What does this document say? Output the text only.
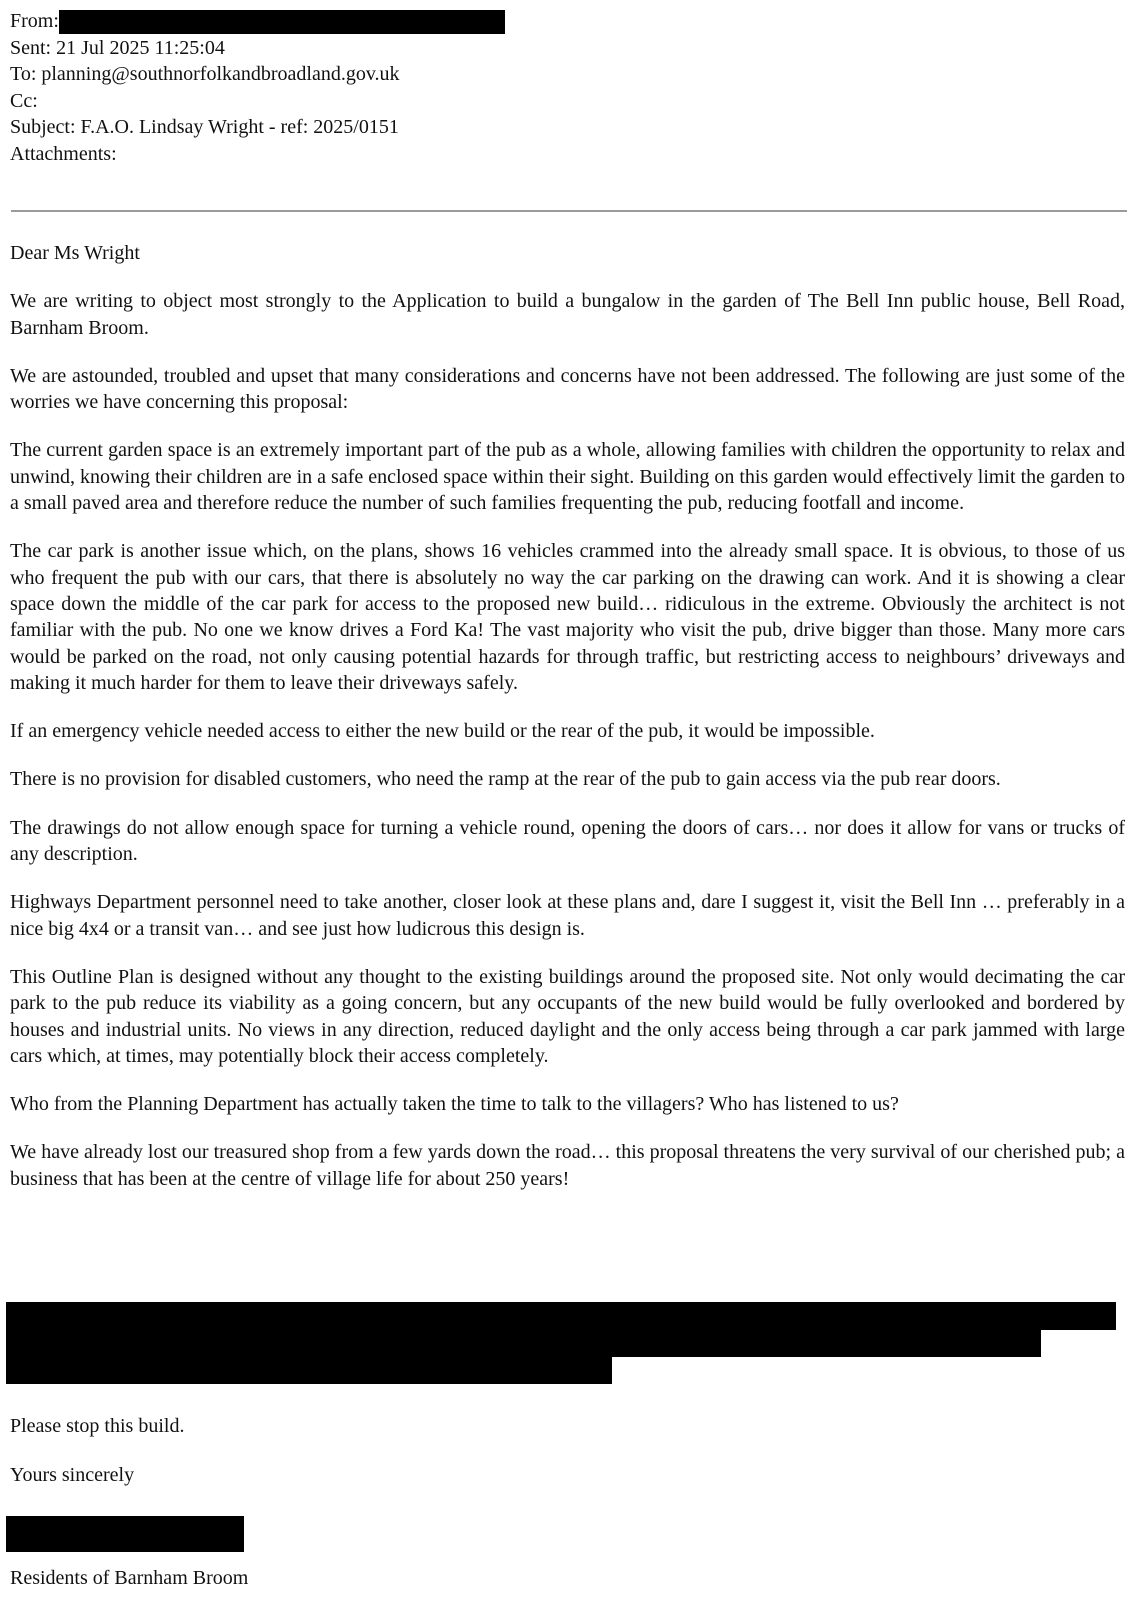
From:
Sent: 21 Jul 2025 11:25:04
To: planning@southnorfolkandbroadland.gov.uk
Cc:
Subject: F.A.O. Lindsay Wright - ref: 2025/0151
Attachments:

Dear Ms Wright

We are writing to object most strongly to the Application to build a bungalow in the garden of The Bell Inn public house, Bell Road, Barnham Broom.

We are astounded, troubled and upset that many considerations and concerns have not been addressed. The following are just some of the worries we have concerning this proposal:

The current garden space is an extremely important part of the pub as a whole, allowing families with children the opportunity to relax and unwind, knowing their children are in a safe enclosed space within their sight. Building on this garden would effectively limit the garden to a small paved area and therefore reduce the number of such families frequenting the pub, reducing footfall and income.

The car park is another issue which, on the plans, shows 16 vehicles crammed into the already small space. It is obvious, to those of us who frequent the pub with our cars, that there is absolutely no way the car parking on the drawing can work. And it is showing a clear space down the middle of the car park for access to the proposed new build… ridiculous in the extreme. Obviously the architect is not familiar with the pub. No one we know drives a Ford Ka! The vast majority who visit the pub, drive bigger than those. Many more cars would be parked on the road, not only causing potential hazards for through traffic, but restricting access to neighbours’ driveways and making it much harder for them to leave their driveways safely.

If an emergency vehicle needed access to either the new build or the rear of the pub, it would be impossible.

There is no provision for disabled customers, who need the ramp at the rear of the pub to gain access via the pub rear doors.

The drawings do not allow enough space for turning a vehicle round, opening the doors of cars… nor does it allow for vans or trucks of any description.

Highways Department personnel need to take another, closer look at these plans and, dare I suggest it, visit the Bell Inn … preferably in a nice big 4x4 or a transit van… and see just how ludicrous this design is.

This Outline Plan is designed without any thought to the existing buildings around the proposed site. Not only would decimating the car park to the pub reduce its viability as a going concern, but any occupants of the new build would be fully overlooked and bordered by houses and industrial units. No views in any direction, reduced daylight and the only access being through a car park jammed with large cars which, at times, may potentially block their access completely.

Who from the Planning Department has actually taken the time to talk to the villagers? Who has listened to us?

We have already lost our treasured shop from a few yards down the road… this proposal threatens the very survival of our cherished pub; a business that has been at the centre of village life for about 250 years!

Please stop this build.
Yours sincerely
Residents of Barnham Broom
